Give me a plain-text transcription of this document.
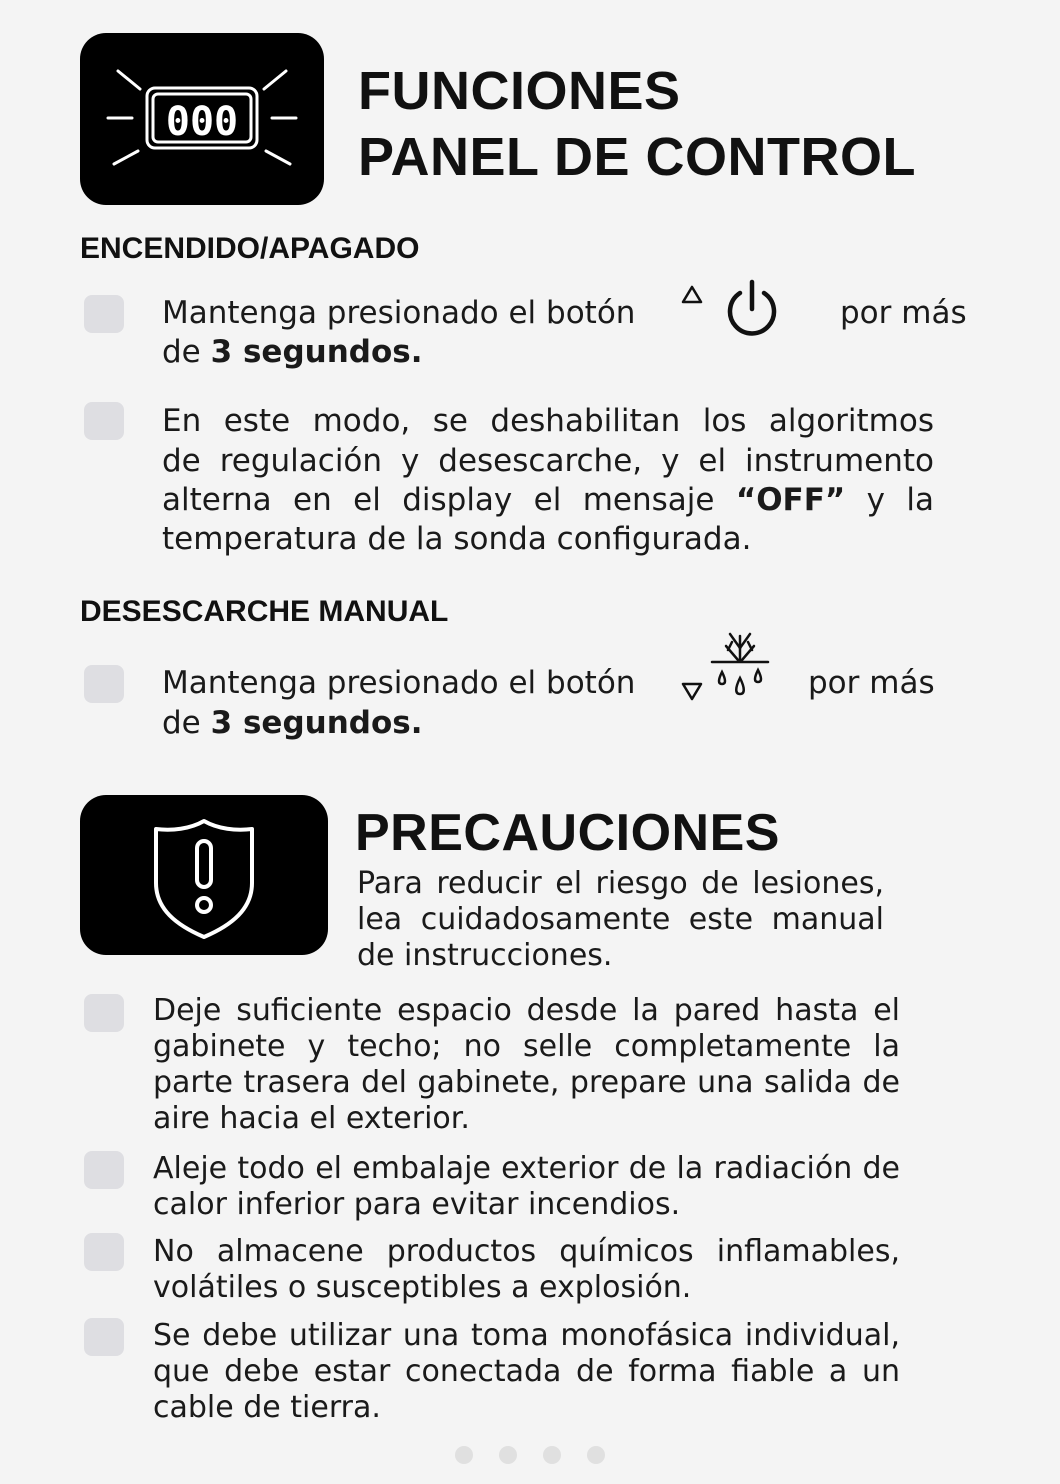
000
FUNCIONES
PANEL DE CONTROL
ENCENDIDO/APAGADO
Mantenga presionado el botón	por más
de 3 segundos.
En este modo, se deshabilitan los algoritmos
de regulación y desescarche, y el instrumento
alterna en el display el mensaje “OFF” y la
temperatura de la sonda configurada.
DESESCARCHE MANUAL
Mantenga presionado el botón	por más
de 3 segundos.
PRECAUCIONES
Para reducir el riesgo de lesiones,
lea cuidadosamente este manual
de instrucciones.
Deje suficiente espacio desde la pared hasta el gabinete y techo; no selle completamente la parte trasera del gabinete, prepare una salida de
aire hacia el exterior.
Aleje todo el embalaje exterior de la radiación de
calor inferior para evitar incendios.
No almacene productos químicos inflamables,
volátiles o susceptibles a explosión.
Se debe utilizar una toma monofásica individual, que debe estar conectada de forma fiable a un
cable de tierra.
